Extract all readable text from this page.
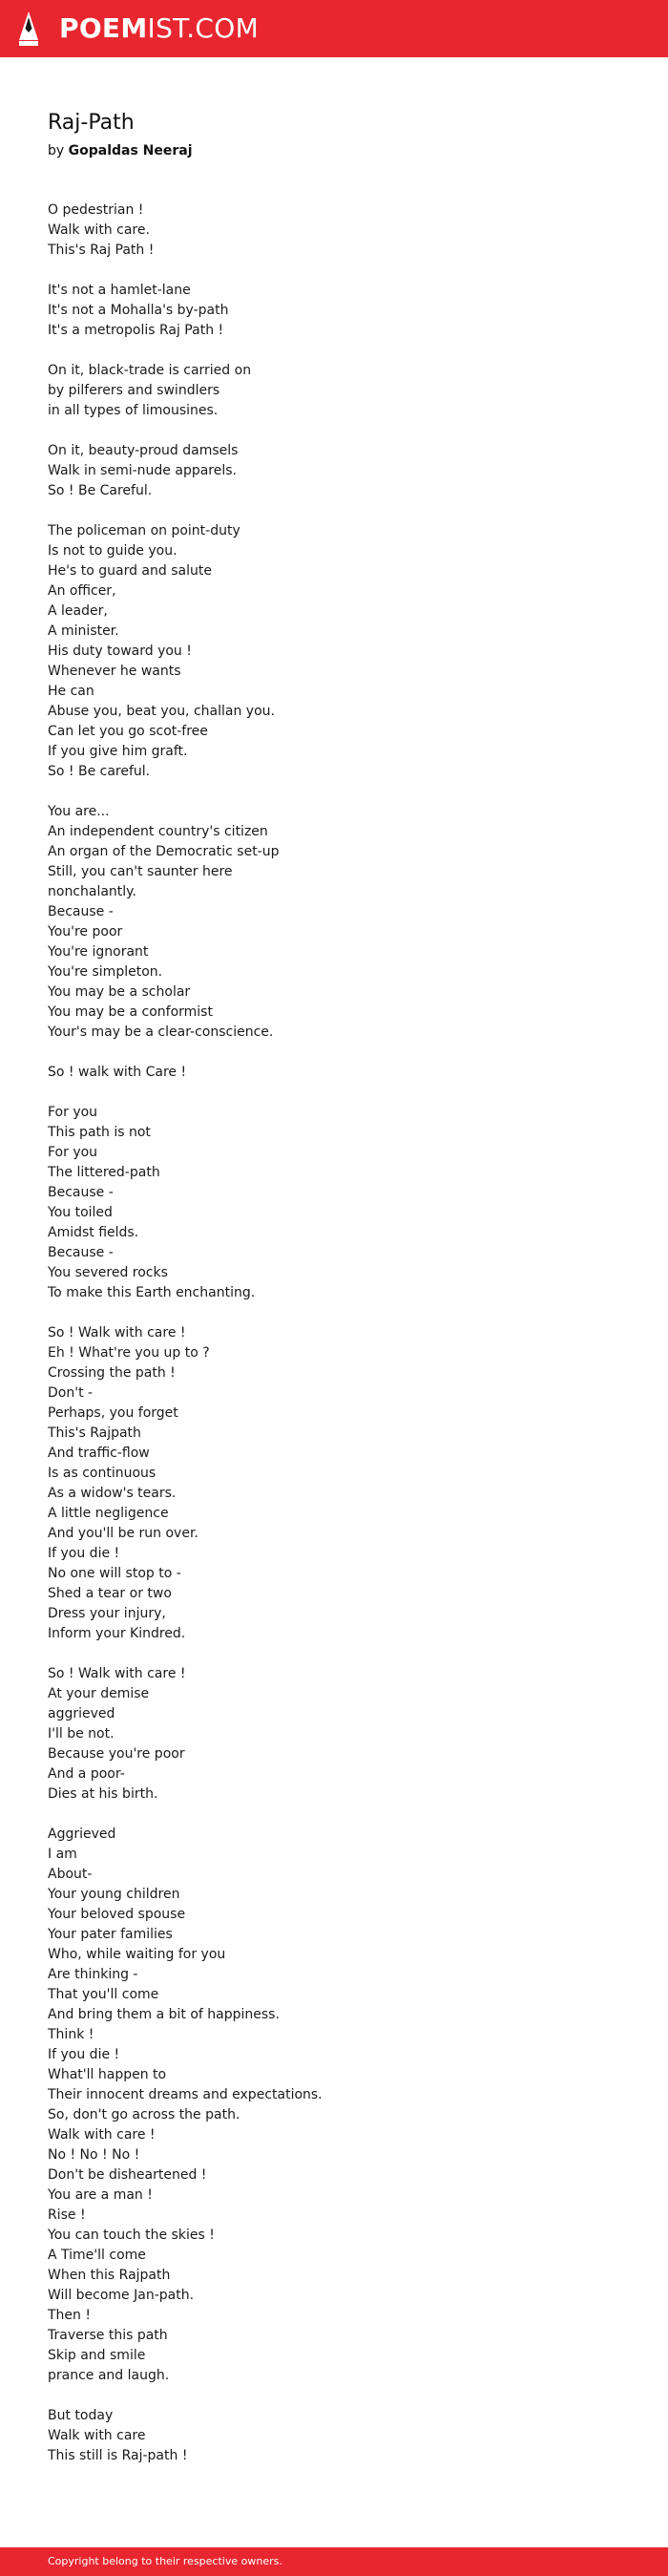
POEMIST.COM
Raj-Path
by Gopaldas Neeraj
O pedestrian !
Walk with care.
This's Raj Path !
It's not a hamlet-lane
It's not a Mohalla's by-path
It's a metropolis Raj Path !
On it, black-trade is carried on
by pilferers and swindlers
in all types of limousines.
On it, beauty-proud damsels
Walk in semi-nude apparels.
So ! Be Careful.
The policeman on point-duty
Is not to guide you.
He's to guard and salute
An officer,
A leader,
A minister.
His duty toward you !
Whenever he wants
He can
Abuse you, beat you, challan you.
Can let you go scot-free
If you give him graft.
So ! Be careful.
You are...
An independent country's citizen
An organ of the Democratic set-up
Still, you can't saunter here
nonchalantly.
Because -
You're poor
You're ignorant
You're simpleton.
You may be a scholar
You may be a conformist
Your's may be a clear-conscience.
So ! walk with Care !
For you
This path is not
For you
The littered-path
Because -
You toiled
Amidst fields.
Because -
You severed rocks
To make this Earth enchanting.
So ! Walk with care !
Eh ! What're you up to ?
Crossing the path !
Don't -
Perhaps, you forget
This's Rajpath
And traffic-flow
Is as continuous
As a widow's tears.
A little negligence
And you'll be run over.
If you die !
No one will stop to -
Shed a tear or two
Dress your injury,
Inform your Kindred.
So ! Walk with care !
At your demise
aggrieved
I'll be not.
Because you're poor
And a poor-
Dies at his birth.
Aggrieved
I am
About-
Your young children
Your beloved spouse
Your pater families
Who, while waiting for you
Are thinking -
That you'll come
And bring them a bit of happiness.
Think !
If you die !
What'll happen to
Their innocent dreams and expectations.
So, don't go across the path.
Walk with care !
No ! No ! No !
Don't be disheartened !
You are a man !
Rise !
You can touch the skies !
A Time'll come
When this Rajpath
Will become Jan-path.
Then !
Traverse this path
Skip and smile
prance and laugh.
But today
Walk with care
This still is Raj-path !
Copyright belong to their respective owners.
